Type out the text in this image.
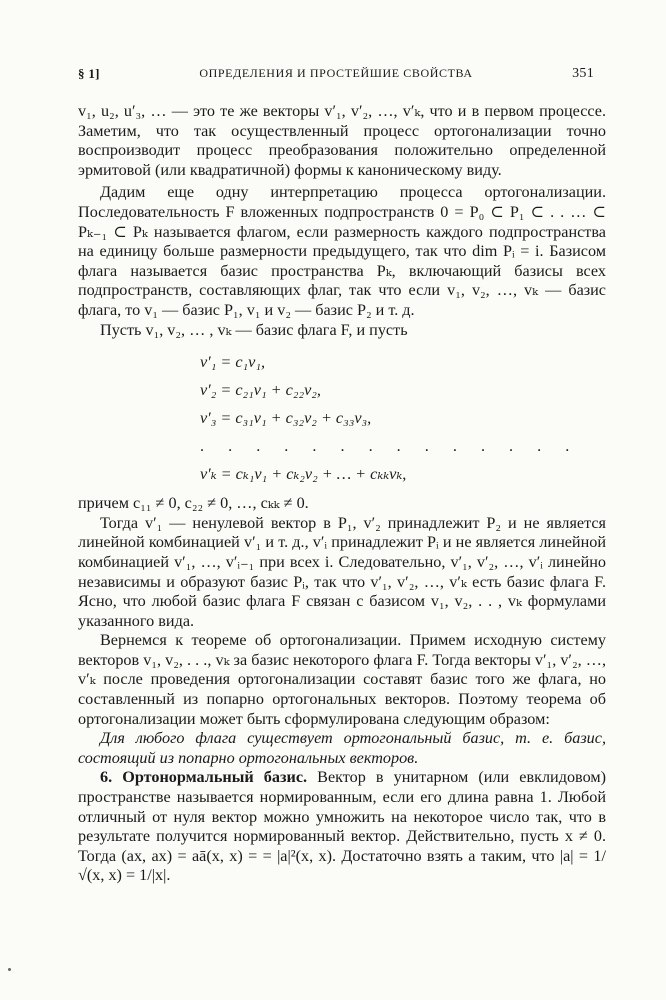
§ 1]	ОПРЕДЕЛЕНИЯ И ПРОСТЕЙШИЕ СВОЙСТВА	351

v₁, u₂, u′₃, … — это те же векторы v′₁, v′₂, …, v′ₖ, что и в первом процессе. Заметим, что так осуществленный процесс ортогонализации точно воспроизводит процесс преобразования положительно определенной эрмитовой (или квадратичной) формы к каноническому виду.

Дадим еще одну интерпретацию процесса ортогонализации. Последовательность F вложенных подпространств 0 = P₀ ⊂ P₁ ⊂ . . … ⊂ Pₖ₋₁ ⊂ Pₖ называется флагом, если размерность каждого подпространства на единицу больше размерности предыдущего, так что dim Pᵢ = i. Базисом флага называется базис пространства Pₖ, включающий базисы всех подпространств, составляющих флаг, так что если v₁, v₂, …, vₖ — базис флага, то v₁ — базис P₁, v₁ и v₂ — базис P₂ и т. д.

Пусть v₁, v₂, … , vₖ — базис флага F, и пусть

v′₁ = c₁v₁,
v′₂ = c₂₁v₁ + c₂₂v₂,
v′₃ = c₃₁v₁ + c₃₂v₂ + c₃₃v₃,
. . . . . . . . . . . . . .
v′ₖ = cₖ₁v₁ + cₖ₂v₂ + … + cₖₖvₖ,

причем c₁₁ ≠ 0, c₂₂ ≠ 0, …, cₖₖ ≠ 0.

Тогда v′₁ — ненулевой вектор в P₁, v′₂ принадлежит P₂ и не является линейной комбинацией v′₁ и т. д., v′ᵢ принадлежит Pᵢ и не является линейной комбинацией v′₁, …, v′ᵢ₋₁ при всех i. Следовательно, v′₁, v′₂, …, v′ᵢ линейно независимы и образуют базис Pᵢ, так что v′₁, v′₂, …, v′ₖ есть базис флага F. Ясно, что любой базис флага F связан с базисом v₁, v₂, . . , vₖ формулами указанного вида.

Вернемся к теореме об ортогонализации. Примем исходную систему векторов v₁, v₂, . . ., vₖ за базис некоторого флага F. Тогда векторы v′₁, v′₂, …, v′ₖ после проведения ортогонализации составят базис того же флага, но составленный из попарно ортогональных векторов. Поэтому теорема об ортогонализации может быть сформулирована следующим образом:

Для любого флага существует ортогональный базис, т. е. базис, состоящий из попарно ортогональных векторов.

6. Ортонормальный базис. Вектор в унитарном (или евклидовом) пространстве называется нормированным, если его длина равна 1. Любой отличный от нуля вектор можно умножить на некоторое число так, что в результате получится нормированный вектор. Действительно, пусть x ≠ 0. Тогда (ax, ax) = aā(x, x) = = |a|²(x, x). Достаточно взять a таким, что |a| = 1/√(x, x) = 1/|x|.
